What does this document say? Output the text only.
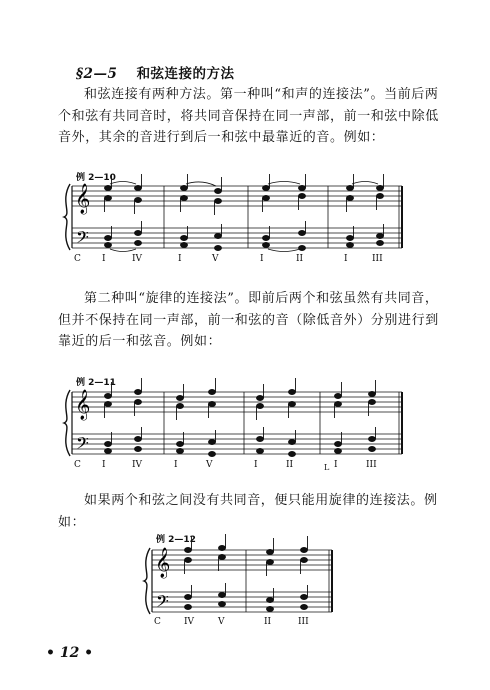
§2—5 和弦连接的方法
和弦连接有两种方法。第一种叫“和声的连接法”。当前后两个和弦有共同音时，将共同音保持在同一声部，前一和弦中除低音外，其余的音进行到后一和弦中最靠近的音。例如：
例 2—10
𝄞
𝄢
C I	IV	I	V	I	II	I	III
第二种叫“旋律的连接法”。即前后两个和弦虽然有共同音，但并不保持在同一声部，前一和弦的音（除低音外）分别进行到靠近的后一和弦音。例如：
例 2—11
𝄞
𝄢
C I	IV	I	V	I	II	L I	III
如果两个和弦之间没有共同音，便只能用旋律的连接法。例如：
例 2—12
𝄞
𝄢
C	IV	V	II	III
• 12 •
